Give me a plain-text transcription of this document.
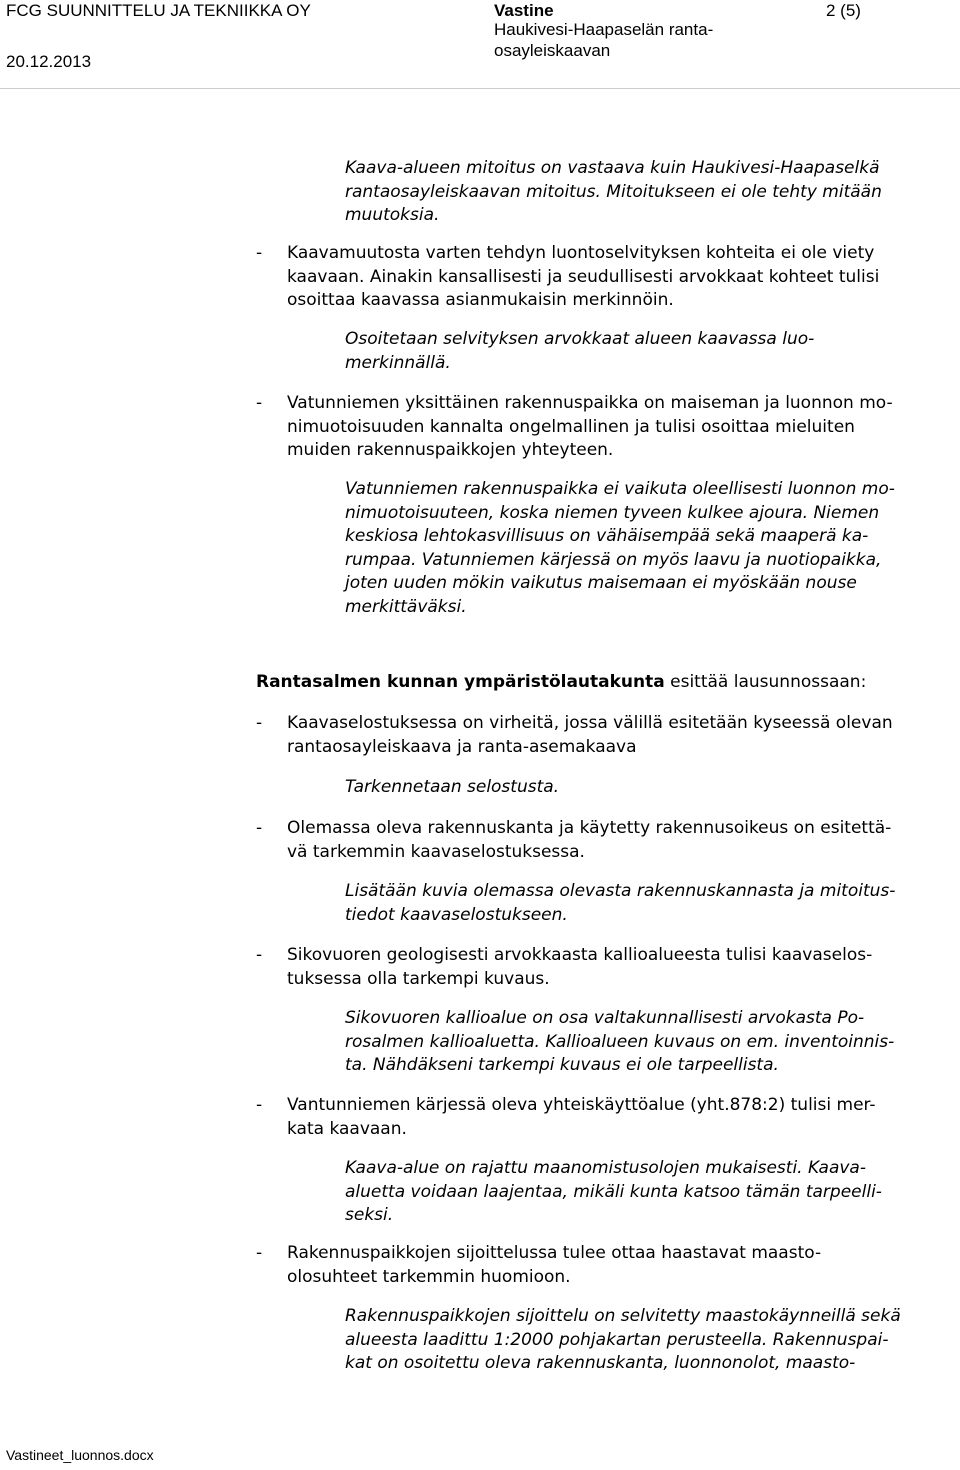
FCG SUUNNITTELU JA TEKNIIKKA OY
20.12.2013
Vastine
Haukivesi-Haapaselän ranta-
osayleiskaavan
2 (5)
Kaava-alueen mitoitus on vastaava kuin Haukivesi-Haapaselkä
rantaosayleiskaavan mitoitus. Mitoitukseen ei ole tehty mitään
muutoksia.
- Kaavamuutosta varten tehdyn luontoselvityksen kohteita ei ole viety
kaavaan. Ainakin kansallisesti ja seudullisesti arvokkaat kohteet tulisi
osoittaa kaavassa asianmukaisin merkinnöin.
Osoitetaan selvityksen arvokkaat alueen kaavassa luo-
merkinnällä.
- Vatunniemen yksittäinen rakennuspaikka on maiseman ja luonnon mo-
nimuotoisuuden kannalta ongelmallinen ja tulisi osoittaa mieluiten
muiden rakennuspaikkojen yhteyteen.
Vatunniemen rakennuspaikka ei vaikuta oleellisesti luonnon mo-
nimuotoisuuteen, koska niemen tyveen kulkee ajoura. Niemen
keskiosa lehtokasvillisuus on vähäisempää sekä maaperä ka-
rumpaa. Vatunniemen kärjessä on myös laavu ja nuotiopaikka,
joten uuden mökin vaikutus maisemaan ei myöskään nouse
merkittäväksi.
Rantasalmen kunnan ympäristölautakunta esittää lausunnossaan:
- Kaavaselostuksessa on virheitä, jossa välillä esitetään kyseessä olevan
rantaosayleiskaava ja ranta-asemakaava
Tarkennetaan selostusta.
- Olemassa oleva rakennuskanta ja käytetty rakennusoikeus on esitettä-
vä tarkemmin kaavaselostuksessa.
Lisätään kuvia olemassa olevasta rakennuskannasta ja mitoitus-
tiedot kaavaselostukseen.
- Sikovuoren geologisesti arvokkaasta kallioalueesta tulisi kaavaselos-
tuksessa olla tarkempi kuvaus.
Sikovuoren kallioalue on osa valtakunnallisesti arvokasta Po-
rosalmen kallioaluetta. Kallioalueen kuvaus on em. inventoinnis-
ta. Nähdäkseni tarkempi kuvaus ei ole tarpeellista.
- Vantunniemen kärjessä oleva yhteiskäyttöalue (yht.878:2) tulisi mer-
kata kaavaan.
Kaava-alue on rajattu maanomistusolojen mukaisesti. Kaava-
aluetta voidaan laajentaa, mikäli kunta katsoo tämän tarpeelli-
seksi.
- Rakennuspaikkojen sijoittelussa tulee ottaa haastavat maasto-
olosuhteet tarkemmin huomioon.
Rakennuspaikkojen sijoittelu on selvitetty maastokäynneillä sekä
alueesta laadittu 1:2000 pohjakartan perusteella. Rakennuspai-
kat on osoitettu oleva rakennuskanta, luonnonolot, maasto-
Vastineet_luonnos.docx
